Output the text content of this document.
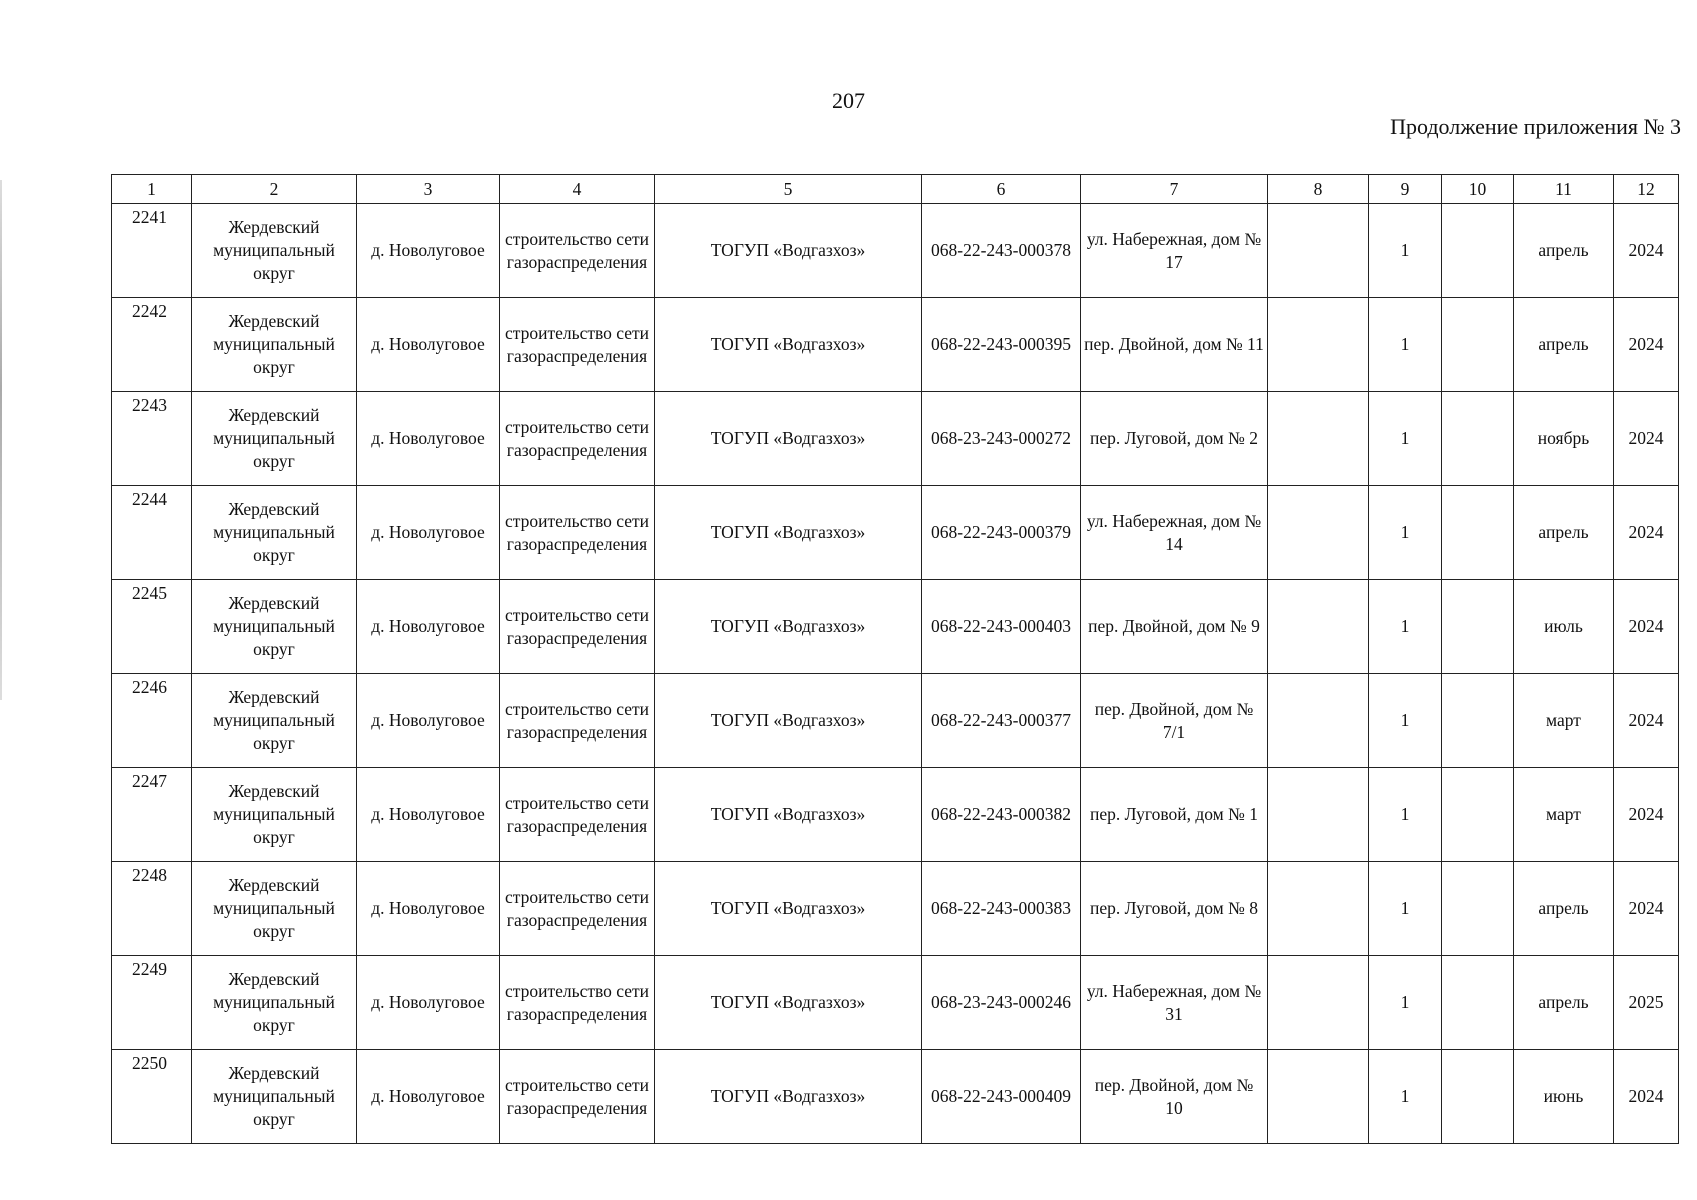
207
Продолжение приложения № 3
1	2	3	4	5	6	7	8	9	10	11	12
2241	Жердевский муниципальный округ	д. Новолуговое	строительство сети газораспределения	ТОГУП «Водгазхоз»	068-22-243-000378	ул. Набережная, дом № 17		1		апрель	2024
2242	Жердевский муниципальный округ	д. Новолуговое	строительство сети газораспределения	ТОГУП «Водгазхоз»	068-22-243-000395	пер. Двойной, дом № 11		1		апрель	2024
2243	Жердевский муниципальный округ	д. Новолуговое	строительство сети газораспределения	ТОГУП «Водгазхоз»	068-23-243-000272	пер. Луговой, дом № 2		1		ноябрь	2024
2244	Жердевский муниципальный округ	д. Новолуговое	строительство сети газораспределения	ТОГУП «Водгазхоз»	068-22-243-000379	ул. Набережная, дом № 14		1		апрель	2024
2245	Жердевский муниципальный округ	д. Новолуговое	строительство сети газораспределения	ТОГУП «Водгазхоз»	068-22-243-000403	пер. Двойной, дом № 9		1		июль	2024
2246	Жердевский муниципальный округ	д. Новолуговое	строительство сети газораспределения	ТОГУП «Водгазхоз»	068-22-243-000377	пер. Двойной, дом № 7/1		1		март	2024
2247	Жердевский муниципальный округ	д. Новолуговое	строительство сети газораспределения	ТОГУП «Водгазхоз»	068-22-243-000382	пер. Луговой, дом № 1		1		март	2024
2248	Жердевский муниципальный округ	д. Новолуговое	строительство сети газораспределения	ТОГУП «Водгазхоз»	068-22-243-000383	пер. Луговой, дом № 8		1		апрель	2024
2249	Жердевский муниципальный округ	д. Новолуговое	строительство сети газораспределения	ТОГУП «Водгазхоз»	068-23-243-000246	ул. Набережная, дом № 31		1		апрель	2025
2250	Жердевский муниципальный округ	д. Новолуговое	строительство сети газораспределения	ТОГУП «Водгазхоз»	068-22-243-000409	пер. Двойной, дом № 10		1		июнь	2024
